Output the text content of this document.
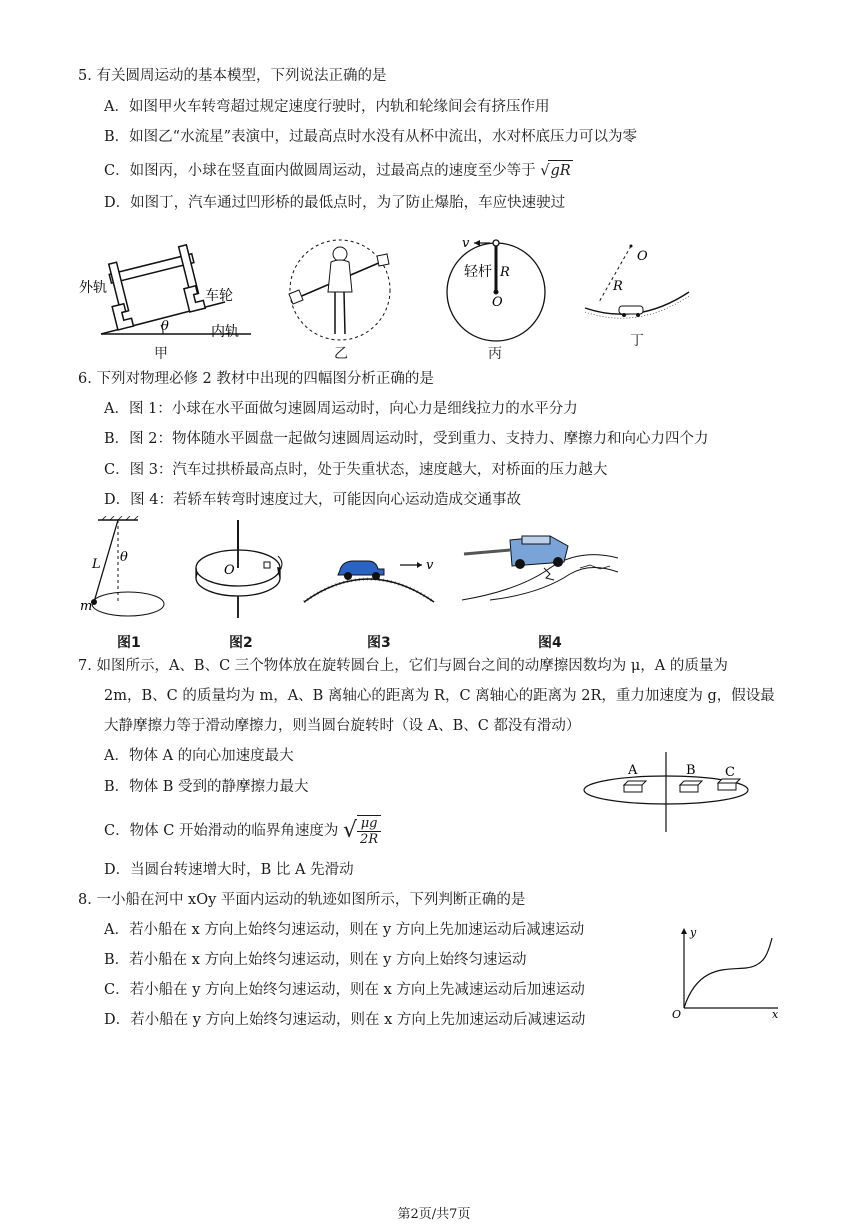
5. 有关圆周运动的基本模型，下列说法正确的是
A．如图甲火车转弯超过规定速度行驶时，内轨和轮缘间会有挤压作用
B．如图乙“水流星”表演中，过最高点时水没有从杯中流出，水对杯底压力可以为零
C．如图丙，小球在竖直面内做圆周运动，过最高点的速度至少等于 √gR
D．如图丁，汽车通过凹形桥的最低点时，为了防止爆胎，车应快速驶过
θ
外轨	车轮
内轨
v
轻杆 R
O
O
R
甲	乙	丙
丁
6. 下列对物理必修 2 教材中出现的四幅图分析正确的是
A．图 1：小球在水平面做匀速圆周运动时，向心力是细线拉力的水平分力
B．图 2：物体随水平圆盘一起做匀速圆周运动时，受到重力、支持力、摩擦力和向心力四个力
C．图 3：汽车过拱桥最高点时，处于失重状态，速度越大，对桥面的压力越大
D．图 4：若轿车转弯时速度过大，可能因向心运动造成交通事故
L θ
m
O	v
图1	图2	图3	图4
7. 如图所示，A、B、C 三个物体放在旋转圆台上，它们与圆台之间的动摩擦因数均为 μ，A 的质量为
2m，B、C 的质量均为 m，A、B 离轴心的距离为 R，C 离轴心的距离为 2R，重力加速度为 g，假设最
大静摩擦力等于滑动摩擦力，则当圆台旋转时（设 A、B、C 都没有滑动）
A．物体 A 的向心加速度最大
B．物体 B 受到的静摩擦力最大
C．物体 C 开始滑动的临界角速度为 √ $\frac{\mu g}{2R}$
D．当圆台转速增大时，B 比 A 先滑动
A	B C
8. 一小船在河中 xOy 平面内运动的轨迹如图所示，下列判断正确的是
A．若小船在 x 方向上始终匀速运动，则在 y 方向上先加速运动后减速运动
B．若小船在 x 方向上始终匀速运动，则在 y 方向上始终匀速运动
C．若小船在 y 方向上始终匀速运动，则在 x 方向上先减速运动后加速运动
D．若小船在 y 方向上始终匀速运动，则在 x 方向上先加速运动后减速运动
y
x
O
第2页/共7页
